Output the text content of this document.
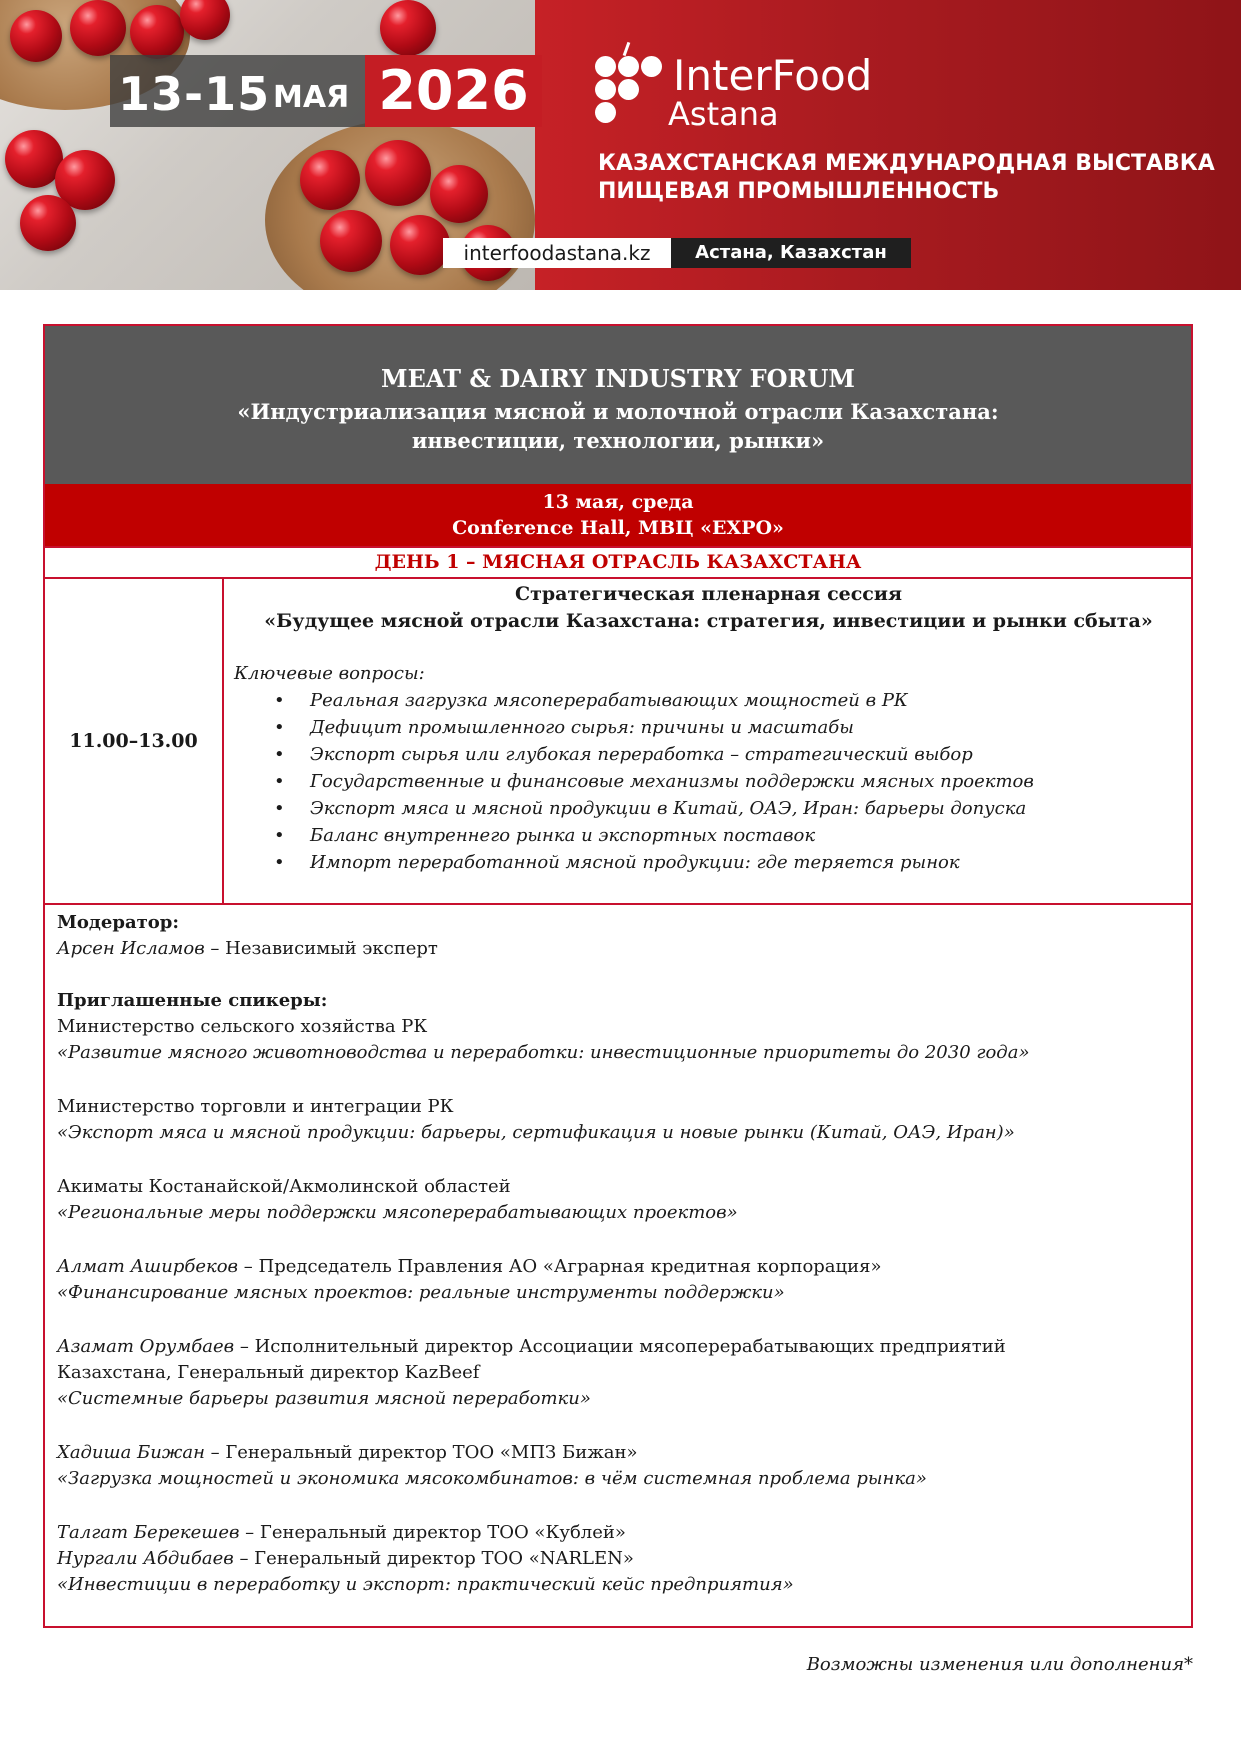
13-15 МАЯ 2026	InterFood
Astana
КАЗАХСТАНСКАЯ МЕЖДУНАРОДНАЯ ВЫСТАВКА
ПИЩЕВАЯ ПРОМЫШЛЕННОСТЬ
interfoodastana.kz	Астана, Казахстан
MEAT & DAIRY INDUSTRY FORUM
«Индустриализация мясной и молочной отрасли Казахстана:
инвестиции, технологии, рынки»
13 мая, среда
Conference Hall, МВЦ «EXPO»
ДЕНЬ 1 – МЯСНАЯ ОТРАСЛЬ КАЗАХСТАНА
11.00–13.00
Стратегическая пленарная сессия
«Будущее мясной отрасли Казахстана: стратегия, инвестиции и рынки сбыта»
Ключевые вопросы:
• Реальная загрузка мясоперерабатывающих мощностей в РК
• Дефицит промышленного сырья: причины и масштабы
• Экспорт сырья или глубокая переработка – стратегический выбор
• Государственные и финансовые механизмы поддержки мясных проектов
• Экспорт мяса и мясной продукции в Китай, ОАЭ, Иран: барьеры допуска
• Баланс внутреннего рынка и экспортных поставок
• Импорт переработанной мясной продукции: где теряется рынок
Модератор:
Арсен Исламов – Независимый эксперт
Приглашенные спикеры:
Министерство сельского хозяйства РК
«Развитие мясного животноводства и переработки: инвестиционные приоритеты до 2030 года»
Министерство торговли и интеграции РК
«Экспорт мяса и мясной продукции: барьеры, сертификация и новые рынки (Китай, ОАЭ, Иран)»
Акиматы Костанайской/Акмолинской областей
«Региональные меры поддержки мясоперерабатывающих проектов»
Алмат Аширбеков – Председатель Правления АО «Аграрная кредитная корпорация»
«Финансирование мясных проектов: реальные инструменты поддержки»
Азамат Орумбаев – Исполнительный директор Ассоциации мясоперерабатывающих предприятий
Казахстана, Генеральный директор KazBeef
«Системные барьеры развития мясной переработки»
Хадиша Бижан – Генеральный директор ТОО «МПЗ Бижан»
«Загрузка мощностей и экономика мясокомбинатов: в чём системная проблема рынка»
Талгат Берекешев – Генеральный директор ТОО «Кублей»
Нургали Абдибаев – Генеральный директор ТОО «NARLEN»
«Инвестиции в переработку и экспорт: практический кейс предприятия»
Возможны изменения или дополнения*
